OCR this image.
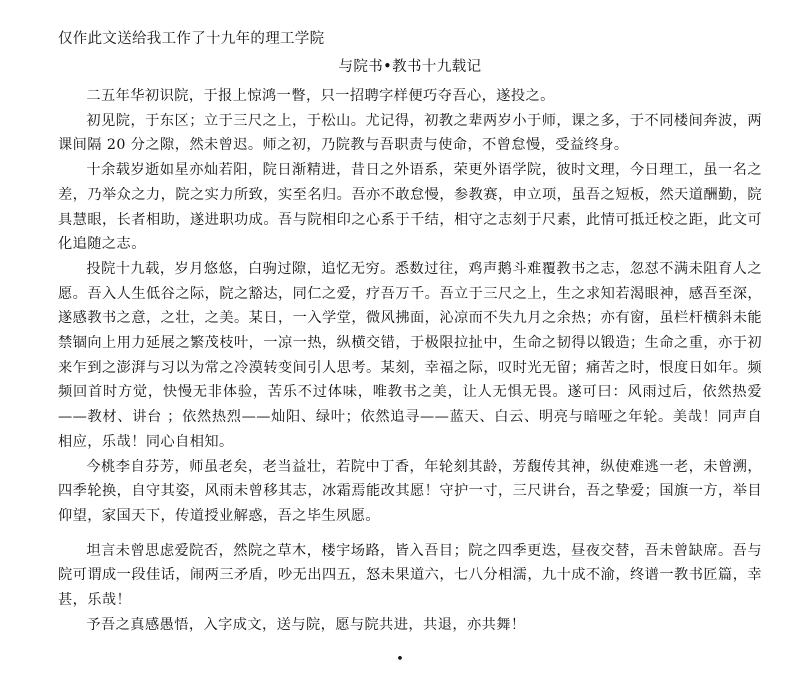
仅作此文送给我工作了十九年的理工学院
与院书•教书十九载记

二五年华初识院，于报上惊鸿一瞥，只一招聘字样便巧夺吾心，遂投之。

初见院，于东区；立于三尺之上，于松山。尤记得，初教之辈两岁小于师，课之多，于不同楼间奔波，两课间隔 20 分之隙，然未曾迟。师之初，乃院教与吾职责与使命，不曾怠慢，受益终身。

十余载岁逝如星亦灿若阳，院日渐精进，昔日之外语系，荣更外语学院，彼时文理，今日理工，虽一名之差，乃举众之力，院之实力所致，实至名归。吾亦不敢怠慢，参教赛，申立项，虽吾之短板，然天道酬勤，院具慧眼，长者相助，遂进职功成。吾与院相印之心系于千结，相守之志刻于尺素，此情可抵迁校之距，此文可化追随之志。

投院十九载，岁月悠悠，白驹过隙，追忆无穷。悉数过往，鸡声鹅斗难覆教书之志，忽怼不满未阻育人之愿。吾入人生低谷之际，院之豁达，同仁之爱，疗吾万千。吾立于三尺之上，生之求知若渴眼神，感吾至深，遂感教书之意，之壮，之美。某日，一入学堂，微风拂面，沁凉而不失九月之余热；亦有窗，虽栏杆横斜未能禁锢向上用力延展之繁茂枝叶，一凉一热，纵横交错，于极限拉扯中，生命之韧得以锻造；生命之重，亦于初来乍到之澎湃与习以为常之冷漠转变间引人思考。某刻，幸福之际，叹时光无留；痛苦之时，恨度日如年。频频回首时方觉，快慢无非体验，苦乐不过体味，唯教书之美，让人无惧无畏。遂可曰：风雨过后，依然热爱——教材、讲台 ；依然热烈——灿阳、绿叶；依然追寻——蓝天、白云、明亮与暗哑之年轮。美哉！同声自相应，乐哉！同心自相知。

今桃李自芬芳，师虽老矣，老当益壮，若院中丁香，年轮刻其龄，芳馥传其神，纵使难逃一老，未曾溯，四季轮换，自守其姿，风雨未曾移其志，冰霜焉能改其愿！守护一寸，三尺讲台，吾之挚爱；国旗一方，举目仰望，家国天下，传道授业解惑，吾之毕生夙愿。

坦言未曾思虑爱院否，然院之草木，楼宇场路，皆入吾目；院之四季更迭，昼夜交替，吾未曾缺席。吾与院可谓成一段佳话，闹两三矛盾，吵无出四五，怒未果道六，七八分相濡，九十成不渝，终谱一教书匠篇，幸甚，乐哉！

予吾之真感愚悟，入字成文，送与院，愿与院共进，共退，亦共舞！

•
